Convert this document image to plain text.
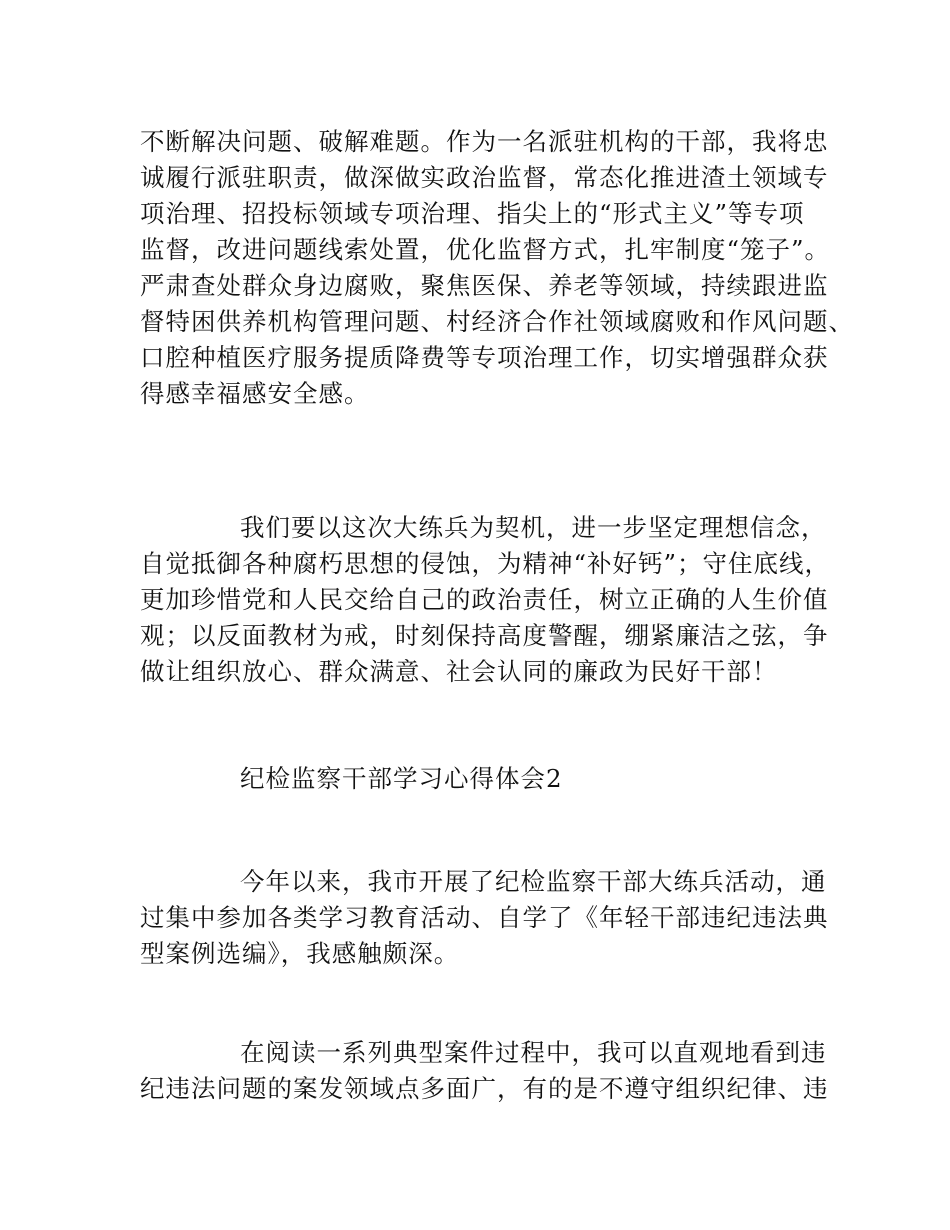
不断解决问题、破解难题。作为一名派驻机构的干部，我将忠
诚履行派驻职责，做深做实政治监督，常态化推进渣土领域专
项治理、招投标领域专项治理、指尖上的“形式主义”等专项
监督，改进问题线索处置，优化监督方式，扎牢制度“笼子”。
严肃查处群众身边腐败，聚焦医保、养老等领域，持续跟进监
督特困供养机构管理问题、村经济合作社领域腐败和作风问题、
口腔种植医疗服务提质降费等专项治理工作，切实增强群众获
得感幸福感安全感。
我们要以这次大练兵为契机，进一步坚定理想信念，
自觉抵御各种腐朽思想的侵蚀，为精神“补好钙”；守住底线，
更加珍惜党和人民交给自己的政治责任，树立正确的人生价值
观；以反面教材为戒，时刻保持高度警醒，绷紧廉洁之弦，争
做让组织放心、群众满意、社会认同的廉政为民好干部！
纪检监察干部学习心得体会2
今年以来，我市开展了纪检监察干部大练兵活动，通
过集中参加各类学习教育活动、自学了《年轻干部违纪违法典
型案例选编》，我感触颇深。
在阅读一系列典型案件过程中，我可以直观地看到违
纪违法问题的案发领域点多面广，有的是不遵守组织纪律、违
